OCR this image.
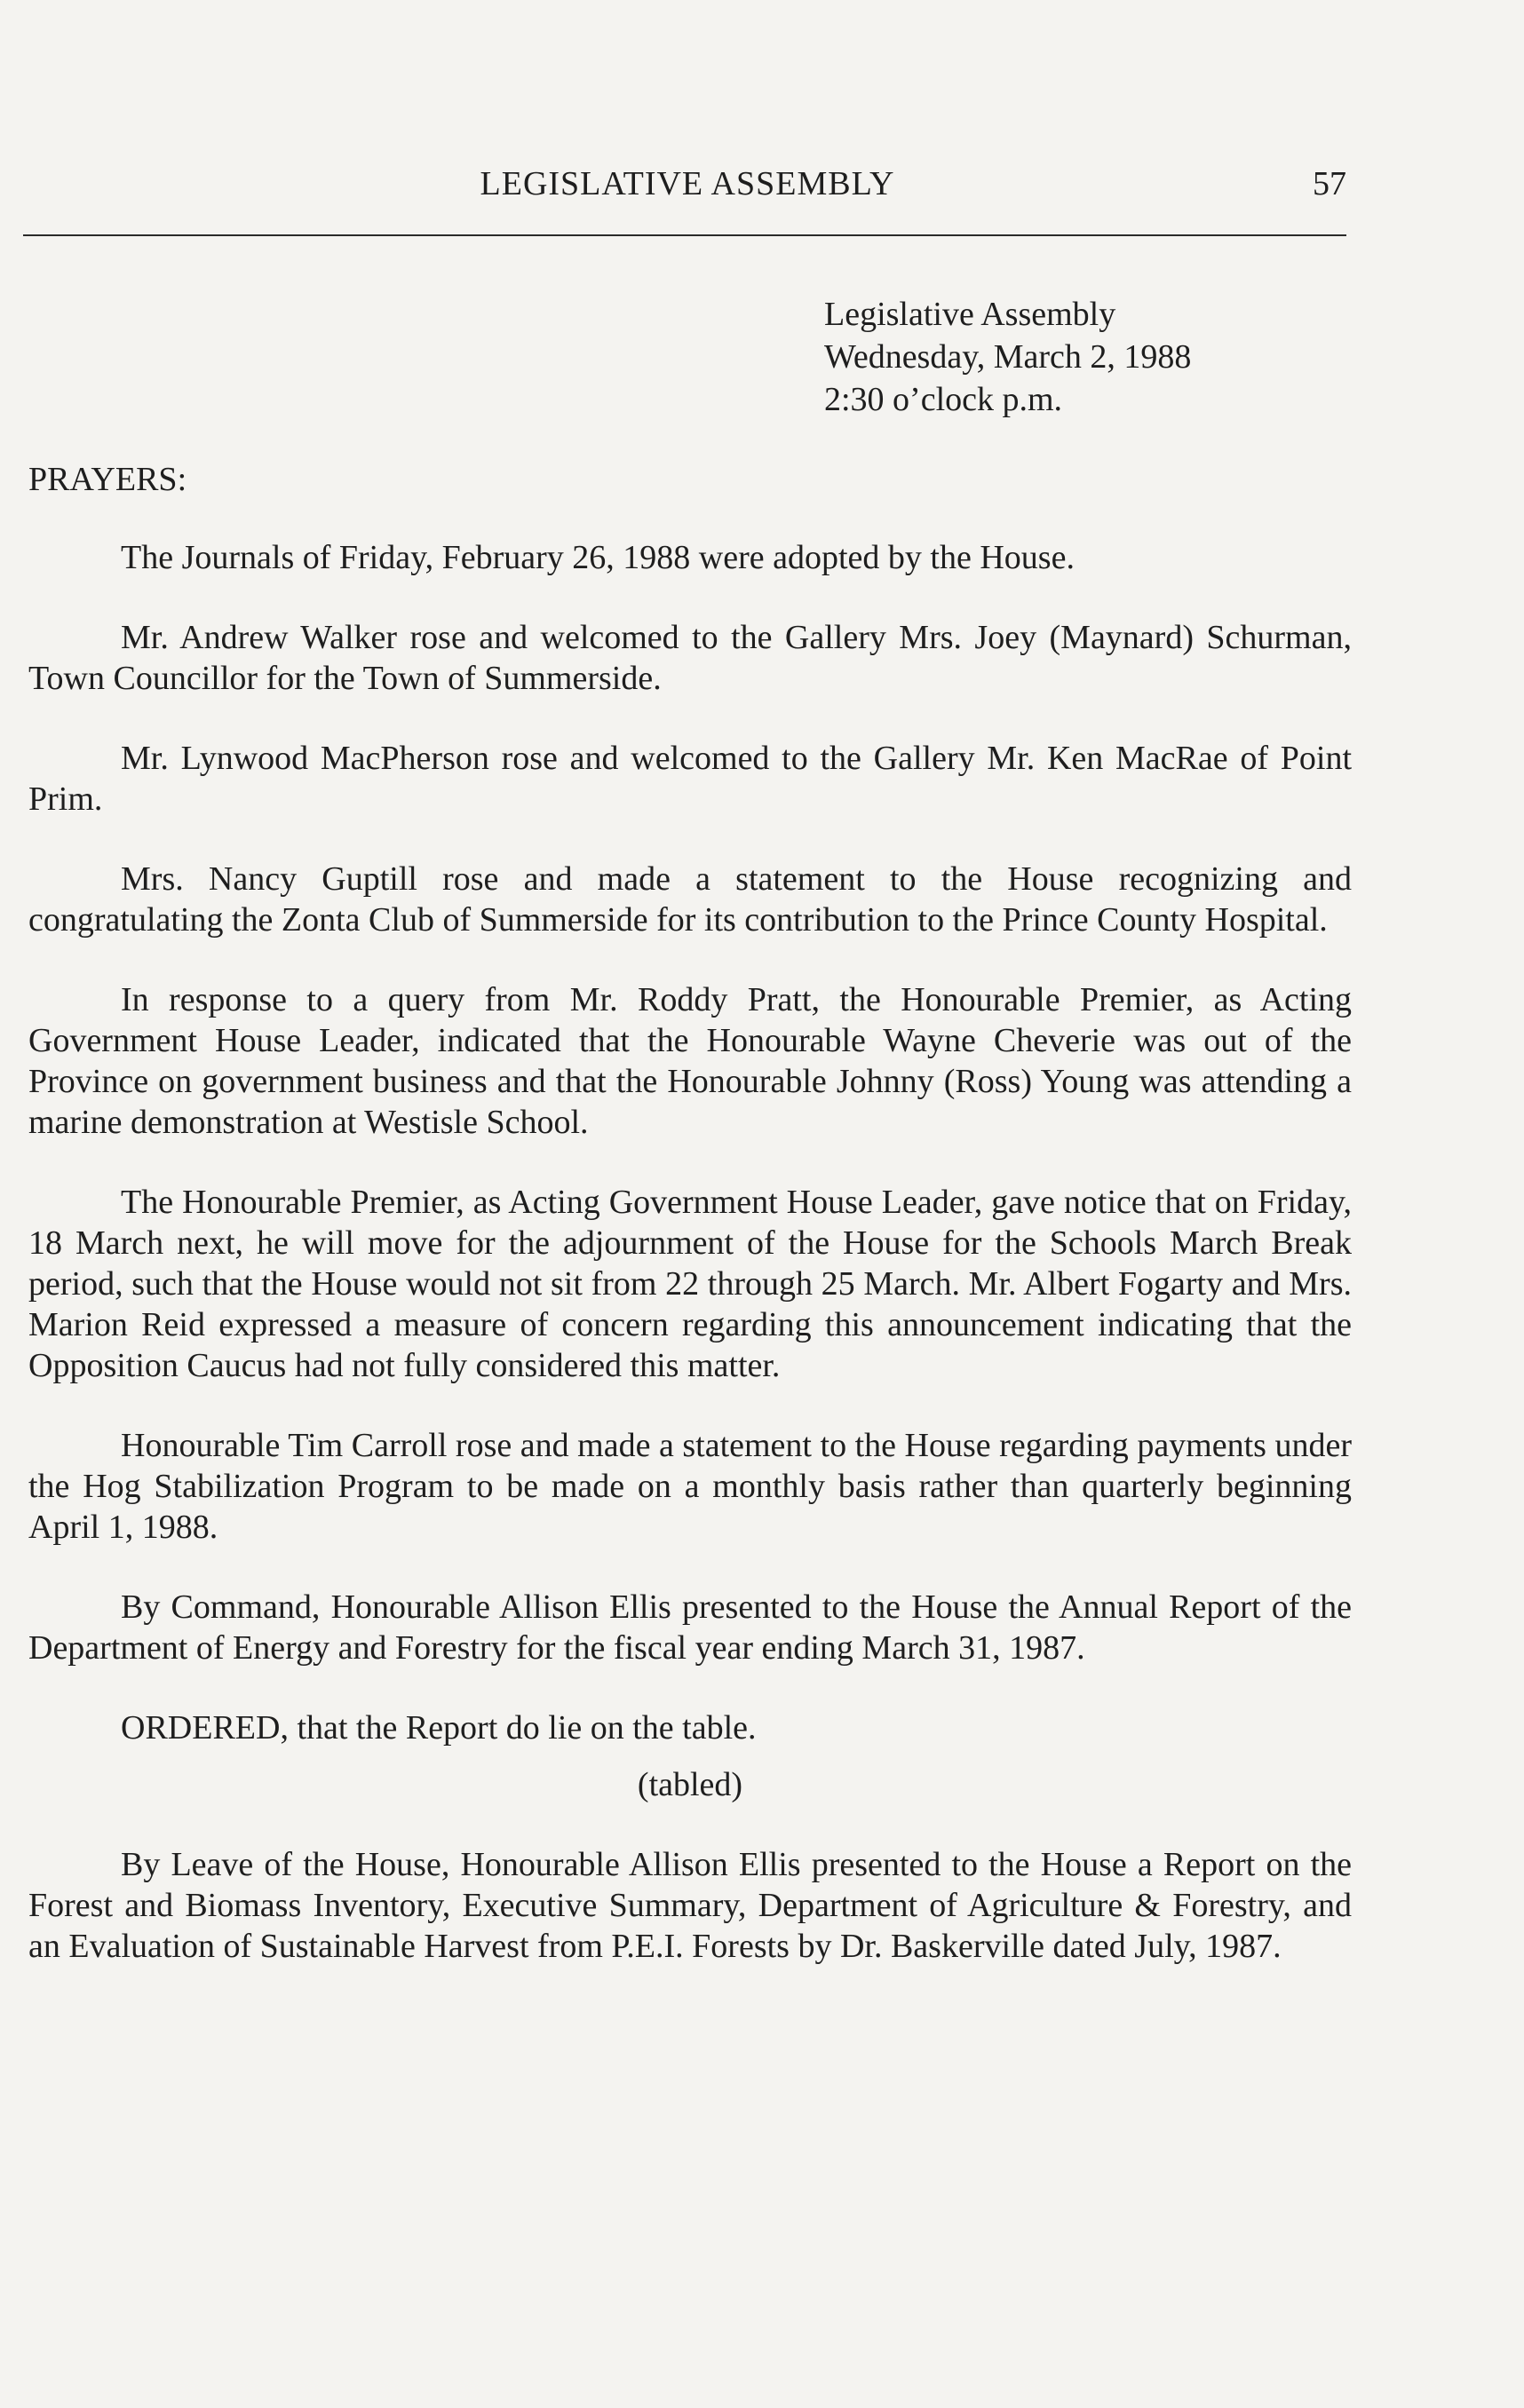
LEGISLATIVE ASSEMBLY	57
Legislative Assembly
Wednesday, March 2, 1988
2:30 o’clock p.m.
PRAYERS:

The Journals of Friday, February 26, 1988 were adopted by the House.

Mr. Andrew Walker rose and welcomed to the Gallery Mrs. Joey (Maynard) Schurman, Town Councillor for the Town of Summerside.

Mr. Lynwood MacPherson rose and welcomed to the Gallery Mr. Ken MacRae of Point Prim.

Mrs. Nancy Guptill rose and made a statement to the House recognizing and congratulating the Zonta Club of Summerside for its contribution to the Prince County Hospital.

In response to a query from Mr. Roddy Pratt, the Honourable Premier, as Acting Government House Leader, indicated that the Honourable Wayne Cheverie was out of the Province on government business and that the Honourable Johnny (Ross) Young was attending a marine demonstration at Westisle School.

The Honourable Premier, as Acting Government House Leader, gave notice that on Friday, 18 March next, he will move for the adjournment of the House for the Schools March Break period, such that the House would not sit from 22 through 25 March. Mr. Albert Fogarty and Mrs. Marion Reid expressed a measure of concern regarding this announcement indicating that the Opposition Caucus had not fully considered this matter.

Honourable Tim Carroll rose and made a statement to the House regarding payments under the Hog Stabilization Program to be made on a monthly basis rather than quarterly beginning April 1, 1988.

By Command, Honourable Allison Ellis presented to the House the Annual Report of the Department of Energy and Forestry for the fiscal year ending March 31, 1987.

ORDERED, that the Report do lie on the table.

(tabled)

By Leave of the House, Honourable Allison Ellis presented to the House a Report on the Forest and Biomass Inventory, Executive Summary, Department of Agriculture & Forestry, and an Evaluation of Sustainable Harvest from P.E.I. Forests by Dr. Baskerville dated July, 1987.
